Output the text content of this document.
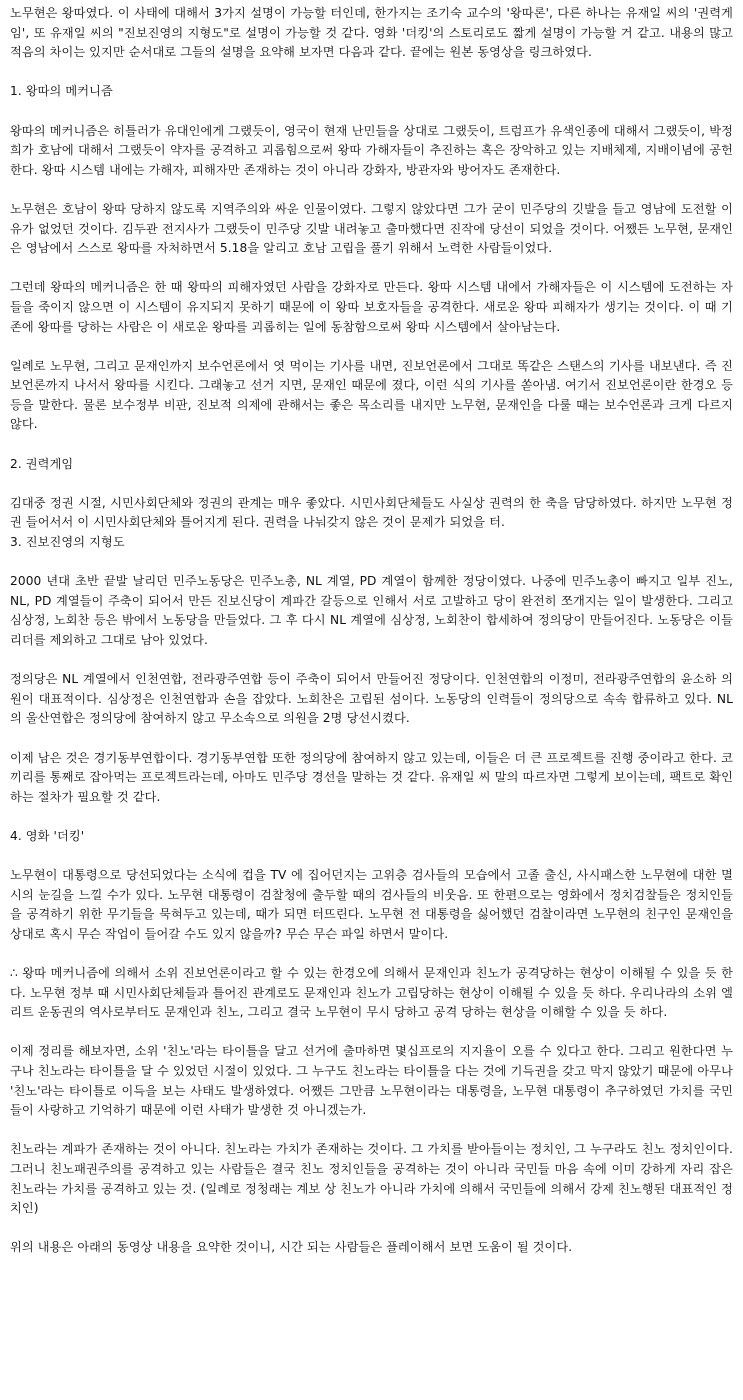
노무현은 왕따였다. 이 사태에 대해서 3가지 설명이 가능할 터인데, 한가지는 조기숙 교수의 '왕따론', 다른 하나는 유재일 씨의 '권력게임', 또 유재일 씨의 "진보진영의 지형도"로 설명이 가능할 것 같다. 영화 '더킹'의 스토리로도 짧게 설명이 가능할 거 같고. 내용의 많고 적음의 차이는 있지만 순서대로 그들의 설명을 요약해 보자면 다음과 같다. 끝에는 원본 동영상을 링크하였다.

1. 왕따의 메커니즘

왕따의 메커니즘은 히틀러가 유대인에게 그랬듯이, 영국이 현재 난민들을 상대로 그랬듯이, 트럼프가 유색인종에 대해서 그랬듯이, 박정희가 호남에 대해서 그랬듯이 약자를 공격하고 괴롭힘으로써 왕따 가해자들이 추진하는 혹은 장악하고 있는 지배체제, 지배이념에 공헌한다. 왕따 시스템 내에는 가해자, 피해자만 존재하는 것이 아니라 강화자, 방관자와 방어자도 존재한다.

노무현은 호남이 왕따 당하지 않도록 지역주의와 싸운 인물이였다. 그렇지 않았다면 그가 굳이 민주당의 깃발을 들고 영남에 도전할 이유가 없었던 것이다. 김두관 전지사가 그랬듯이 민주당 깃발 내려놓고 출마했다면 진작에 당선이 되었을 것이다. 어쨌든 노무현, 문재인은 영남에서 스스로 왕따를 자처하면서 5.18을 알리고 호남 고립을 풀기 위해서 노력한 사람들이었다.

그런데 왕따의 메커니즘은 한 때 왕따의 피해자였던 사람을 강화자로 만든다. 왕따 시스템 내에서 가해자들은 이 시스템에 도전하는 자들을 죽이지 않으면 이 시스템이 유지되지 못하기 때문에 이 왕따 보호자들을 공격한다. 새로운 왕따 피해자가 생기는 것이다. 이 때 기존에 왕따를 당하는 사람은 이 새로운 왕따를 괴롭히는 일에 동참함으로써 왕따 시스템에서 살아남는다.

일례로 노무현, 그리고 문재인까지 보수언론에서 엿 먹이는 기사를 내면, 진보언론에서 그대로 똑같은 스탠스의 기사를 내보낸다. 즉 진보언론까지 나서서 왕따를 시킨다. 그래놓고 선거 지면, 문재인 때문에 졌다, 이런 식의 기사를 쏟아냄. 여기서 진보언론이란 한경오 등등을 말한다. 물론 보수정부 비판, 진보적 의제에 관해서는 좋은 목소리를 내지만 노무현, 문재인을 다룰 때는 보수언론과 크게 다르지 않다.

2. 권력게임

김대중 정권 시절, 시민사회단체와 정권의 관계는 매우 좋았다. 시민사회단체들도 사실상 권력의 한 축을 담당하였다. 하지만 노무현 정권 들어서서 이 시민사회단체와 틀어지게 된다. 권력을 나눠갖지 않은 것이 문제가 되었을 터.

3. 진보진영의 지형도

2000 년대 초반 끝발 날리던 민주노동당은 민주노총, NL 계열, PD 계열이 함께한 정당이였다. 나중에 민주노총이 빠지고 일부 진노, NL, PD 계열들이 주축이 되어서 만든 진보신당이 계파간 갈등으로 인해서 서로 고발하고 당이 완전히 쪼개지는 일이 발생한다. 그리고 심상정, 노회찬 등은 밖에서 노동당을 만들었다. 그 후 다시 NL 계열에 심상정, 노회찬이 합세하여 정의당이 만들어진다. 노동당은 이들 리더를 제외하고 그대로 남아 있었다.

정의당은 NL 계열에서 인천연합, 전라광주연합 등이 주축이 되어서 만들어진 정당이다. 인천연합의 이정미, 전라광주연합의 윤소하 의원이 대표적이다. 심상정은 인천연합과 손을 잡았다. 노회찬은 고립된 섬이다. 노동당의 인력들이 정의당으로 속속 합류하고 있다. NL 의 울산연합은 정의당에 참여하지 않고 무소속으로 의원을 2명 당선시켰다.

이제 남은 것은 경기동부연합이다. 경기동부연합 또한 정의당에 참여하지 않고 있는데, 이들은 더 큰 프로젝트를 진행 중이라고 한다. 코끼리를 통째로 잡아먹는 프로젝트라는데, 아마도 민주당 경선을 말하는 것 같다. 유재일 씨 말의 따르자면 그렇게 보이는데, 팩트로 확인하는 절차가 필요할 것 같다.

4. 영화 '더킹'

노무현이 대통령으로 당선되었다는 소식에 컵을 TV 에 집어던지는 고위층 검사들의 모습에서 고졸 출신, 사시패스한 노무현에 대한 멸시의 눈길을 느낄 수가 있다. 노무현 대통령이 검찰청에 출두할 때의 검사들의 비웃음. 또 한편으로는 영화에서 정치검찰들은 정치인들을 공격하기 위한 무기들을 묵혀두고 있는데, 때가 되면 터뜨린다. 노무현 전 대통령을 싫어했던 검찰이라면 노무현의 친구인 문재인을 상대로 혹시 무슨 작업이 들어갈 수도 있지 않을까? 무슨 무슨 파일 하면서 말이다.

∴ 왕따 메커니즘에 의해서 소위 진보언론이라고 할 수 있는 한경오에 의해서 문재인과 친노가 공격당하는 현상이 이해될 수 있을 듯 한다. 노무현 정부 때 시민사회단체들과 틀어진 관계로도 문재인과 친노가 고립당하는 현상이 이해될 수 있을 듯 하다. 우리나라의 소위 엘리트 운동권의 역사로부터도 문재인과 친노, 그리고 결국 노무현이 무시 당하고 공격 당하는 현상을 이해할 수 있을 듯 하다.

이제 정리를 해보자면, 소위 '친노'라는 타이틀을 달고 선거에 출마하면 몇십프로의 지지율이 오를 수 있다고 한다. 그리고 원한다면 누구나 친노라는 타이틀을 달 수 있었던 시절이 있었다. 그 누구도 친노라는 타이틀을 다는 것에 기득권을 갖고 막지 않았기 때문에 아무나 '친노'라는 타이틀로 이득을 보는 사태도 발생하였다. 어쨌든 그만큼 노무현이라는 대통령을, 노무현 대통령이 추구하였던 가치를 국민들이 사랑하고 기억하기 때문에 이런 사태가 발생한 것 아니겠는가.

친노라는 계파가 존재하는 것이 아니다. 친노라는 가치가 존재하는 것이다. 그 가치를 받아들이는 정치인, 그 누구라도 친노 정치인이다. 그러니 친노패권주의를 공격하고 있는 사람들은 결국 친노 정치인들을 공격하는 것이 아니라 국민들 마음 속에 이미 강하게 자리 잡은 친노라는 가치를 공격하고 있는 것. (일례로 정청래는 계보 상 친노가 아니라 가치에 의해서 국민들에 의해서 강제 친노행된 대표적인 정치인)

위의 내용은 아래의 동영상 내용을 요약한 것이니, 시간 되는 사람들은 플레이해서 보면 도움이 될 것이다.
